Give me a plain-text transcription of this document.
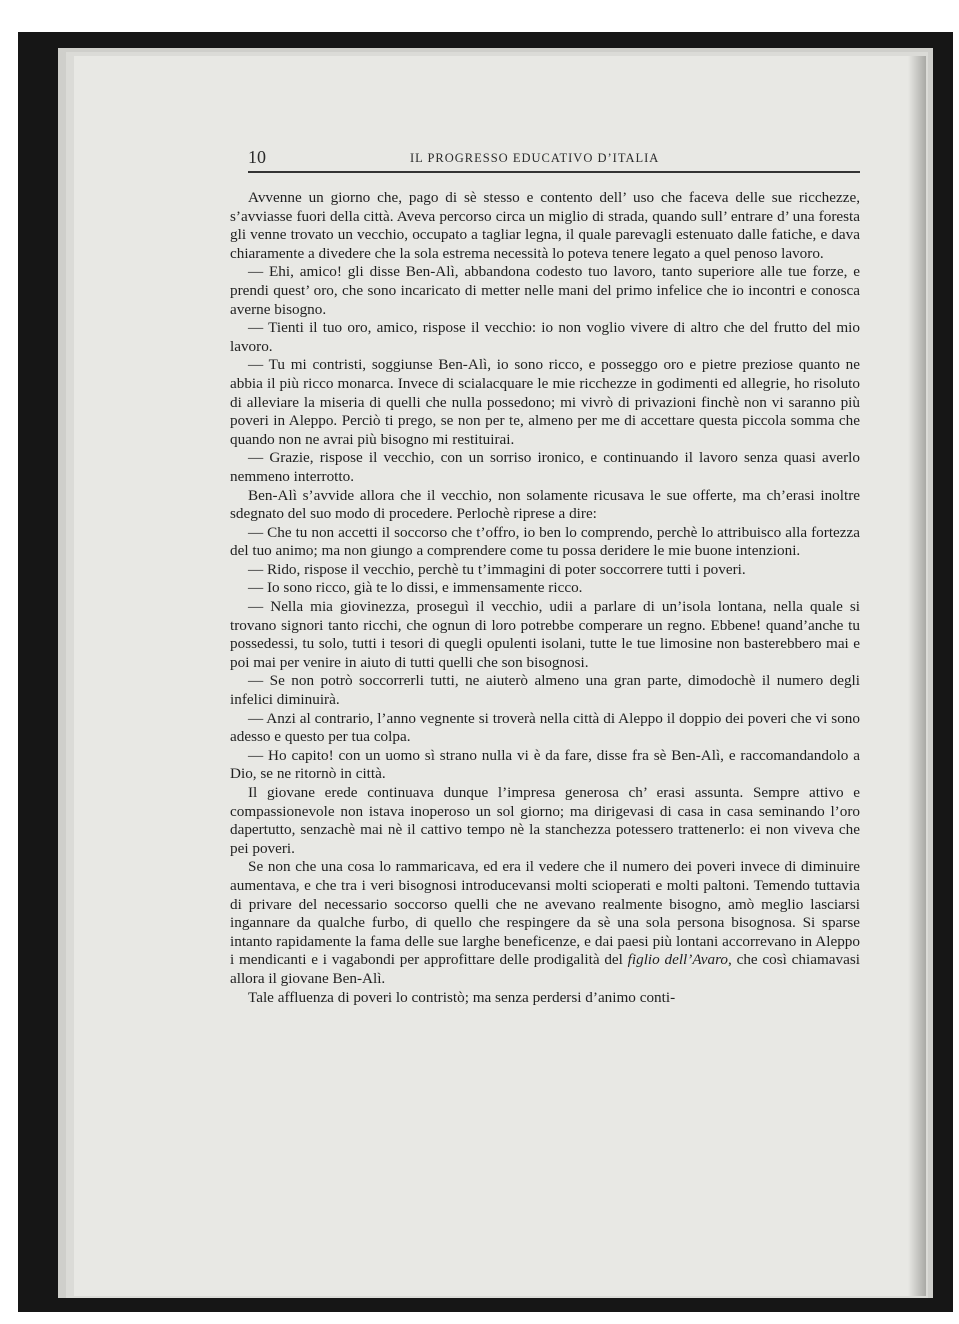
10	IL PROGRESSO EDUCATIVO D’ITALIA

Avvenne un giorno che, pago di sè stesso e contento dell’ uso che faceva delle sue ricchezze, s’avviasse fuori della città. Aveva percorso circa un miglio di strada, quando sull’ entrare d’ una foresta gli venne trovato un vecchio, occupato a tagliar legna, il quale parevagli estenuato dalle fatiche, e dava chiaramente a divedere che la sola estrema necessità lo poteva tenere legato a quel penoso lavoro.

— Ehi, amico! gli disse Ben-Alì, abbandona codesto tuo lavoro, tanto superiore alle tue forze, e prendi quest’ oro, che sono incaricato di metter nelle mani del primo infelice che io incontri e conosca averne bisogno.

— Tienti il tuo oro, amico, rispose il vecchio: io non voglio vivere di altro che del frutto del mio lavoro.

— Tu mi contristi, soggiunse Ben-Alì, io sono ricco, e posseggo oro e pietre preziose quanto ne abbia il più ricco monarca. Invece di scialacquare le mie ricchezze in godimenti ed allegrie, ho risoluto di alleviare la miseria di quelli che nulla possedono; mi vivrò di privazioni finchè non vi saranno più poveri in Aleppo. Perciò ti prego, se non per te, almeno per me di accettare questa piccola somma che quando non ne avrai più bisogno mi restituirai.

— Grazie, rispose il vecchio, con un sorriso ironico, e continuando il lavoro senza quasi averlo nemmeno interrotto.

Ben-Alì s’avvide allora che il vecchio, non solamente ricusava le sue offerte, ma ch’erasi inoltre sdegnato del suo modo di procedere. Perlochè riprese a dire:

— Che tu non accetti il soccorso che t’offro, io ben lo comprendo, perchè lo attribuisco alla fortezza del tuo animo; ma non giungo a comprendere come tu possa deridere le mie buone intenzioni.

— Rido, rispose il vecchio, perchè tu t’immagini di poter soccorrere tutti i poveri.

— Io sono ricco, già te lo dissi, e immensamente ricco.

— Nella mia giovinezza, proseguì il vecchio, udii a parlare di un’isola lontana, nella quale si trovano signori tanto ricchi, che ognun di loro potrebbe comperare un regno. Ebbene! quand’anche tu possedessi, tu solo, tutti i tesori di quegli opulenti isolani, tutte le tue limosine non basterebbero mai e poi mai per venire in aiuto di tutti quelli che son bisognosi.

— Se non potrò soccorrerli tutti, ne aiuterò almeno una gran parte, dimodochè il numero degli infelici diminuirà.

— Anzi al contrario, l’anno vegnente si troverà nella città di Aleppo il doppio dei poveri che vi sono adesso e questo per tua colpa.

— Ho capito! con un uomo sì strano nulla vi è da fare, disse fra sè Ben-Alì, e raccomandandolo a Dio, se ne ritornò in città.

Il giovane erede continuava dunque l’impresa generosa ch’ erasi assunta. Sempre attivo e compassionevole non istava inoperoso un sol giorno; ma dirigevasi di casa in casa seminando l’oro dapertutto, senzachè mai nè il cattivo tempo nè la stanchezza potessero trattenerlo: ei non viveva che pei poveri.

Se non che una cosa lo rammaricava, ed era il vedere che il numero dei poveri invece di diminuire aumentava, e che tra i veri bisognosi introducevansi molti scioperati e molti paltoni. Temendo tuttavia di privare del necessario soccorso quelli che ne avevano realmente bisogno, amò meglio lasciarsi ingannare da qualche furbo, di quello che respingere da sè una sola persona bisognosa. Si sparse intanto rapidamente la fama delle sue larghe beneficenze, e dai paesi più lontani accorrevano in Aleppo i mendicanti e i vagabondi per approfittare delle prodigalità del figlio dell’Avaro, che così chiamavasi allora il giovane Ben-Alì.

Tale affluenza di poveri lo contristò; ma senza perdersi d’animo conti-
